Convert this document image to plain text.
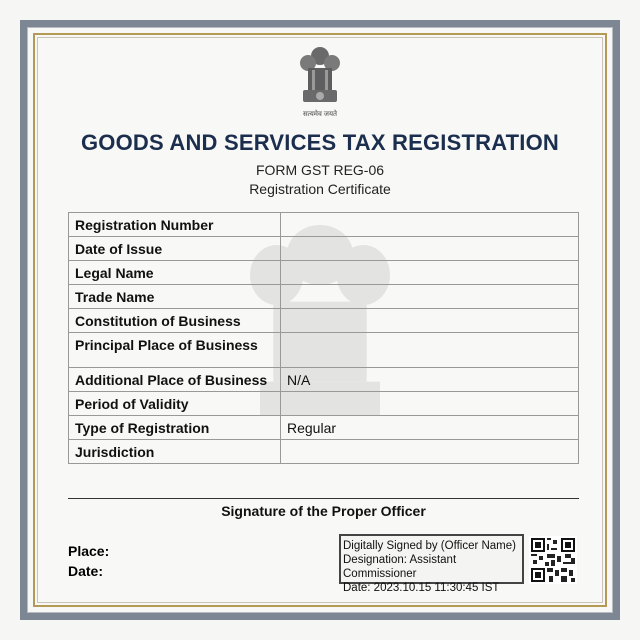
सत्यमेव जयते
GOODS AND SERVICES TAX REGISTRATION
FORM GST REG-06
Registration Certificate
Registration Number	
Date of Issue	
Legal Name	
Trade Name	
Constitution of Business	
Principal Place of Business	
Additional Place of Business	N/A
Period of Validity	
Type of Registration	Regular
Jurisdiction	
Signature of the Proper Officer
Place:
Date:
Digitally Signed by (Officer Name)
Designation: Assistant Commissioner
Date: 2023.10.15 11:30:45 IST
